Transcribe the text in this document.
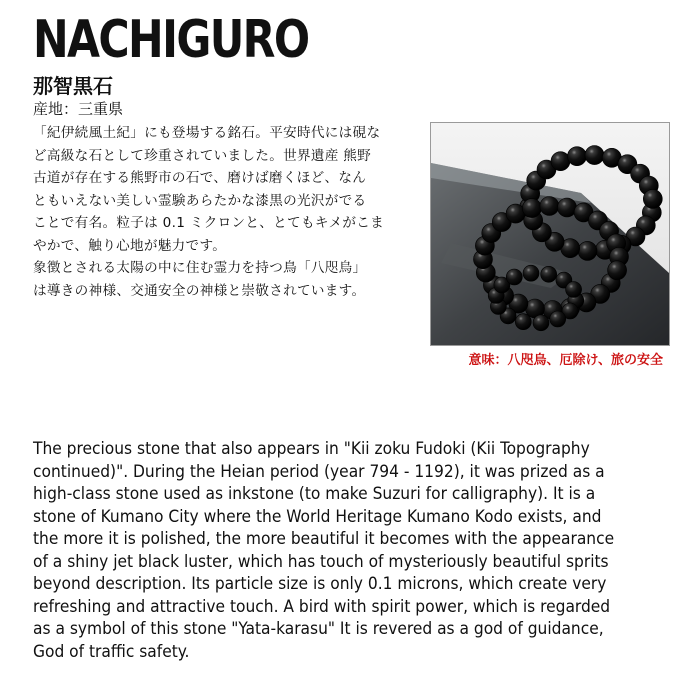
NACHIGURO
那智黒石
産地：三重県
「紀伊続風土紀」にも登場する銘石。平安時代には硯な
ど高級な石として珍重されていました。世界遺産 熊野
古道が存在する熊野市の石で、磨けば磨くほど、なん
ともいえない美しい霊験あらたかな漆黒の光沢がでる
ことで有名。粒子は 0.1 ミクロンと、とてもキメがこま
やかで、触り心地が魅力です。
象徴とされる太陽の中に住む霊力を持つ鳥「八咫烏」
は導きの神様、交通安全の神様と崇敬されています。
意味：八咫烏、厄除け、旅の安全
The precious stone that also appears in "Kii zoku Fudoki (Kii Topography
continued)". During the Heian period (year 794 - 1192), it was prized as a
high-class stone used as inkstone (to make Suzuri for calligraphy). It is a
stone of Kumano City where the World Heritage Kumano Kodo exists, and
the more it is polished, the more beautiful it becomes with the appearance
of a shiny jet black luster, which has touch of mysteriously beautiful sprits
beyond description. Its particle size is only 0.1 microns, which create very
refreshing and attractive touch. A bird with spirit power, which is regarded
as a symbol of this stone "Yata-karasu" It is revered as a god of guidance,
God of traffic safety.
